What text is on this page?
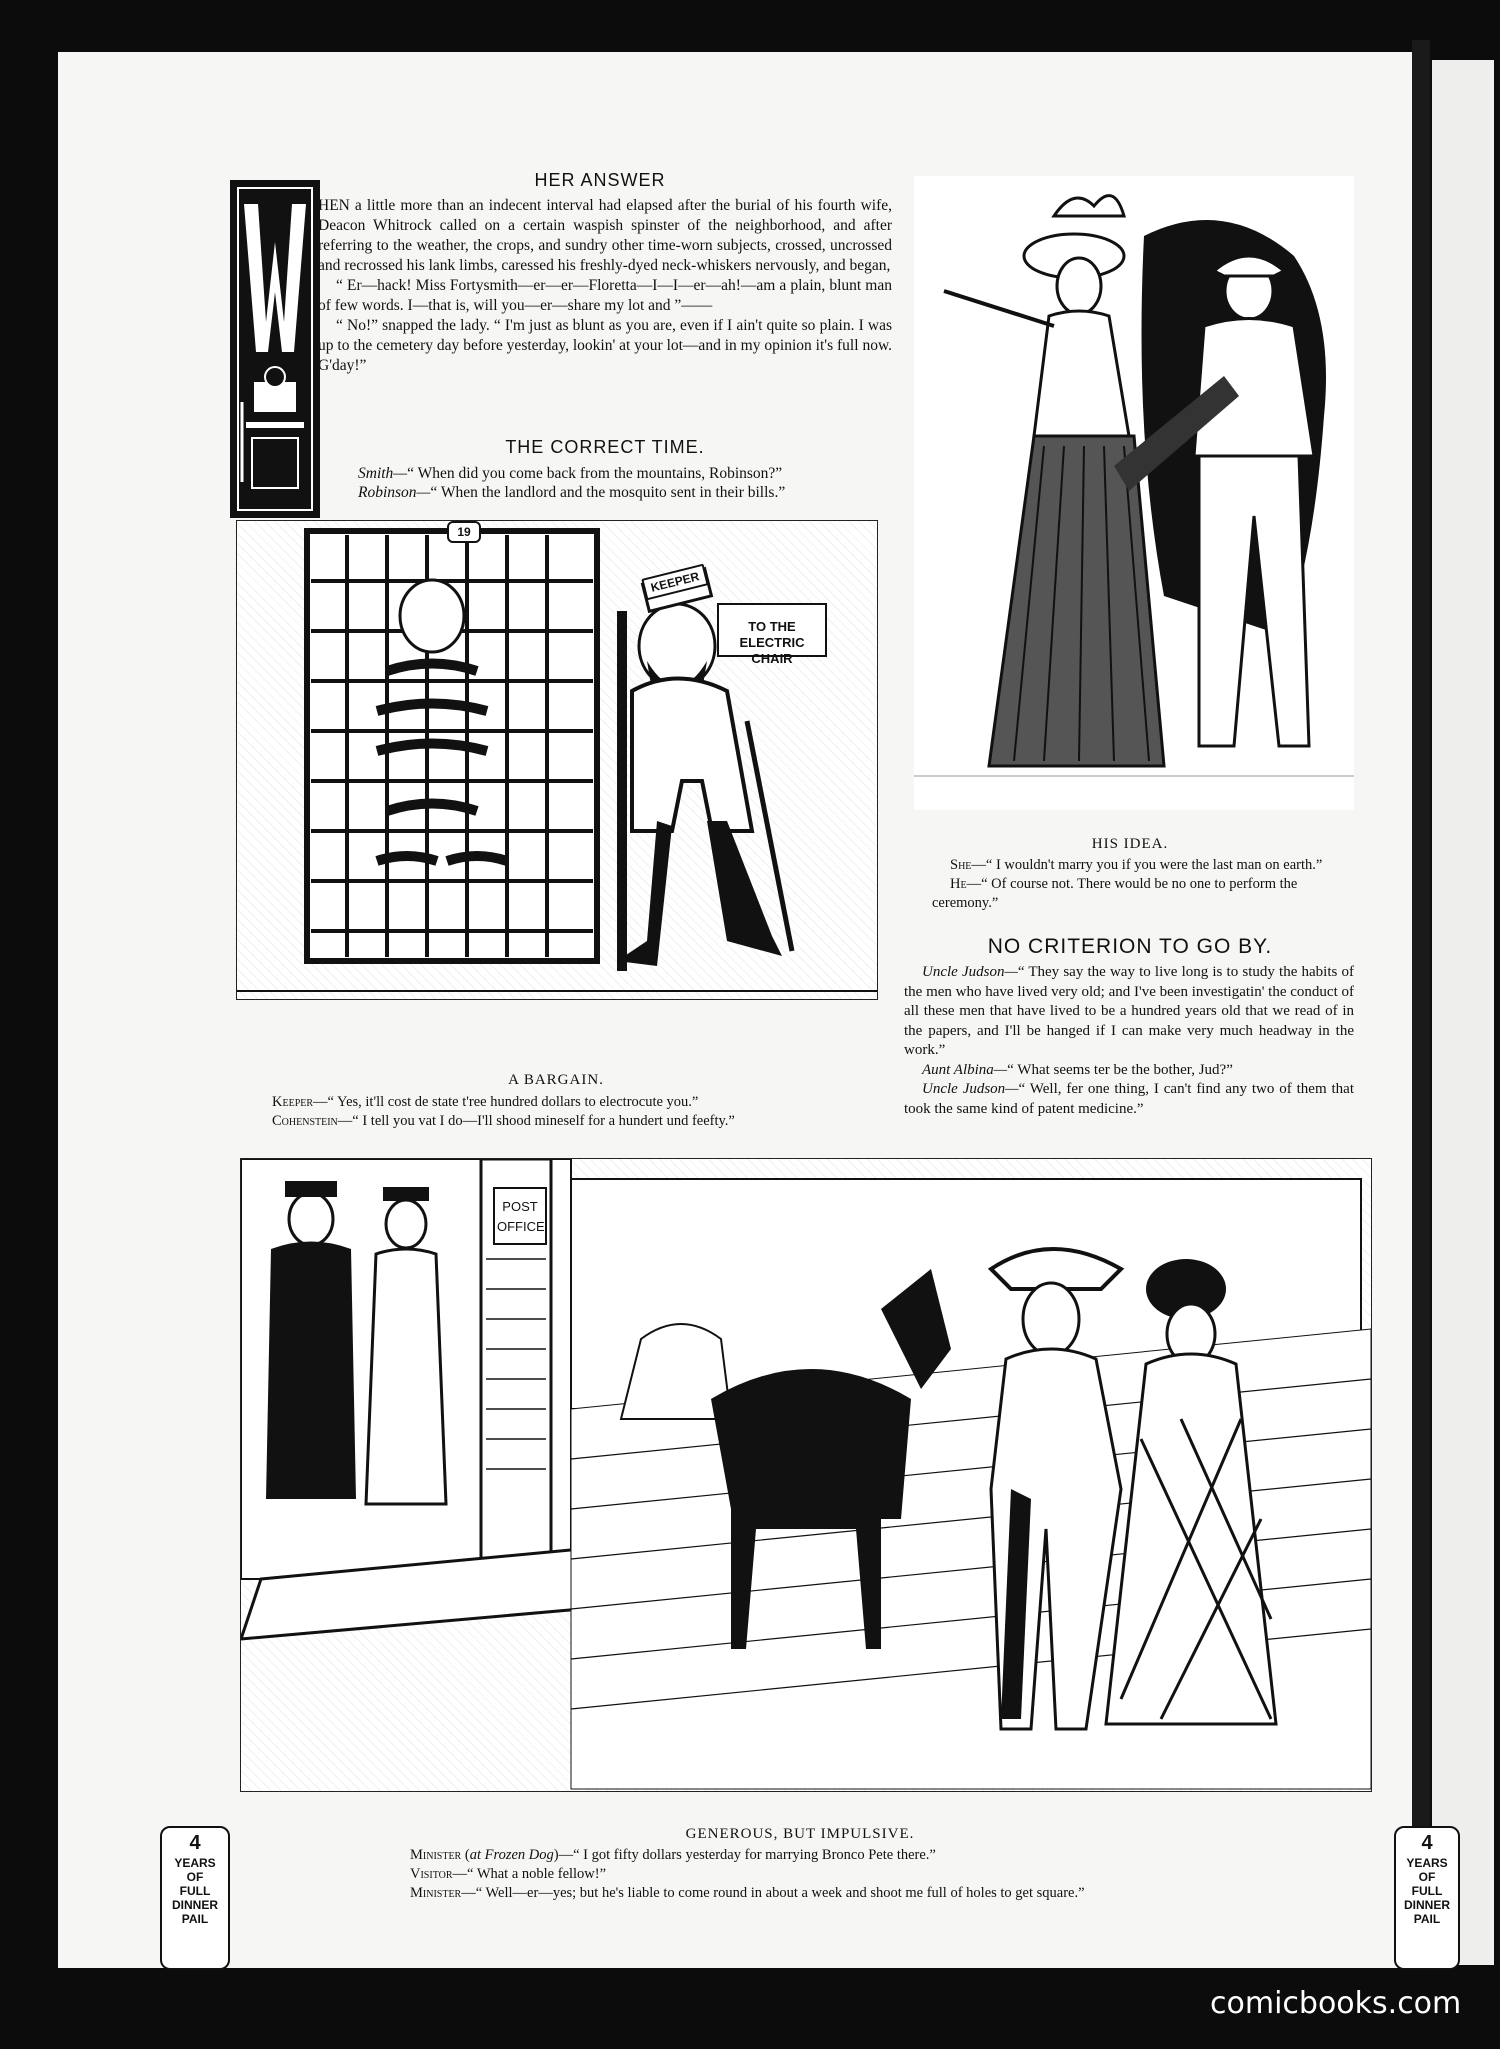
HER ANSWER

HEN a little more than an indecent interval had elapsed after the burial of his fourth wife, Deacon Whitrock called on a certain waspish spinster of the neighborhood, and after referring to the weather, the crops, and sundry other time-worn subjects, crossed, uncrossed and recrossed his lank limbs, caressed his freshly-dyed neck-whiskers nervously, and began,

“ Er—hack! Miss Fortysmith—er—er—Floretta—I—I—er—ah!—am a plain, blunt man of few words. I—that is, will you—er—share my lot and ”——

“ No!” snapped the lady. “ I'm just as blunt as you are, even if I ain't quite so plain. I was up to the cemetery day before yesterday, lookin' at your lot—and in my opinion it's full now. G'day!”

THE CORRECT TIME.

Smith—“ When did you come back from the mountains, Robinson?”

Robinson—“ When the landlord and the mosquito sent in their bills.”

19
TO THE ELECTRIC CHAIR
KEEPER
A BARGAIN.

Keeper—“ Yes, it'll cost de state t'ree hundred dollars to electrocute you.”

Cohenstein—“ I tell you vat I do—I'll shood mineself for a hundert und feefty.”

HIS IDEA.

She—“ I wouldn't marry you if you were the last man on earth.”

He—“ Of course not. There would be no one to perform the ceremony.”

NO CRITERION TO GO BY.

Uncle Judson—“ They say the way to live long is to study the habits of the men who have lived very old; and I've been investigatin' the conduct of all these men that have lived to be a hundred years old that we read of in the papers, and I'll be hanged if I can make very much headway in the work.”

Aunt Albina—“ What seems ter be the bother, Jud?”

Uncle Judson—“ Well, fer one thing, I can't find any two of them that took the same kind of patent medicine.”

POST OFFICE
GENEROUS, BUT IMPULSIVE.

Minister (at Frozen Dog)—“ I got fifty dollars yesterday for marrying Bronco Pete there.”

Visitor—“ What a noble fellow!”

Minister—“ Well—er—yes; but he's liable to come round in about a week and shoot me full of holes to get square.”

4
YEARS
OF
FULL
DINNER
PAIL
4
YEARS
OF
FULL
DINNER
PAIL
comicbooks.com
